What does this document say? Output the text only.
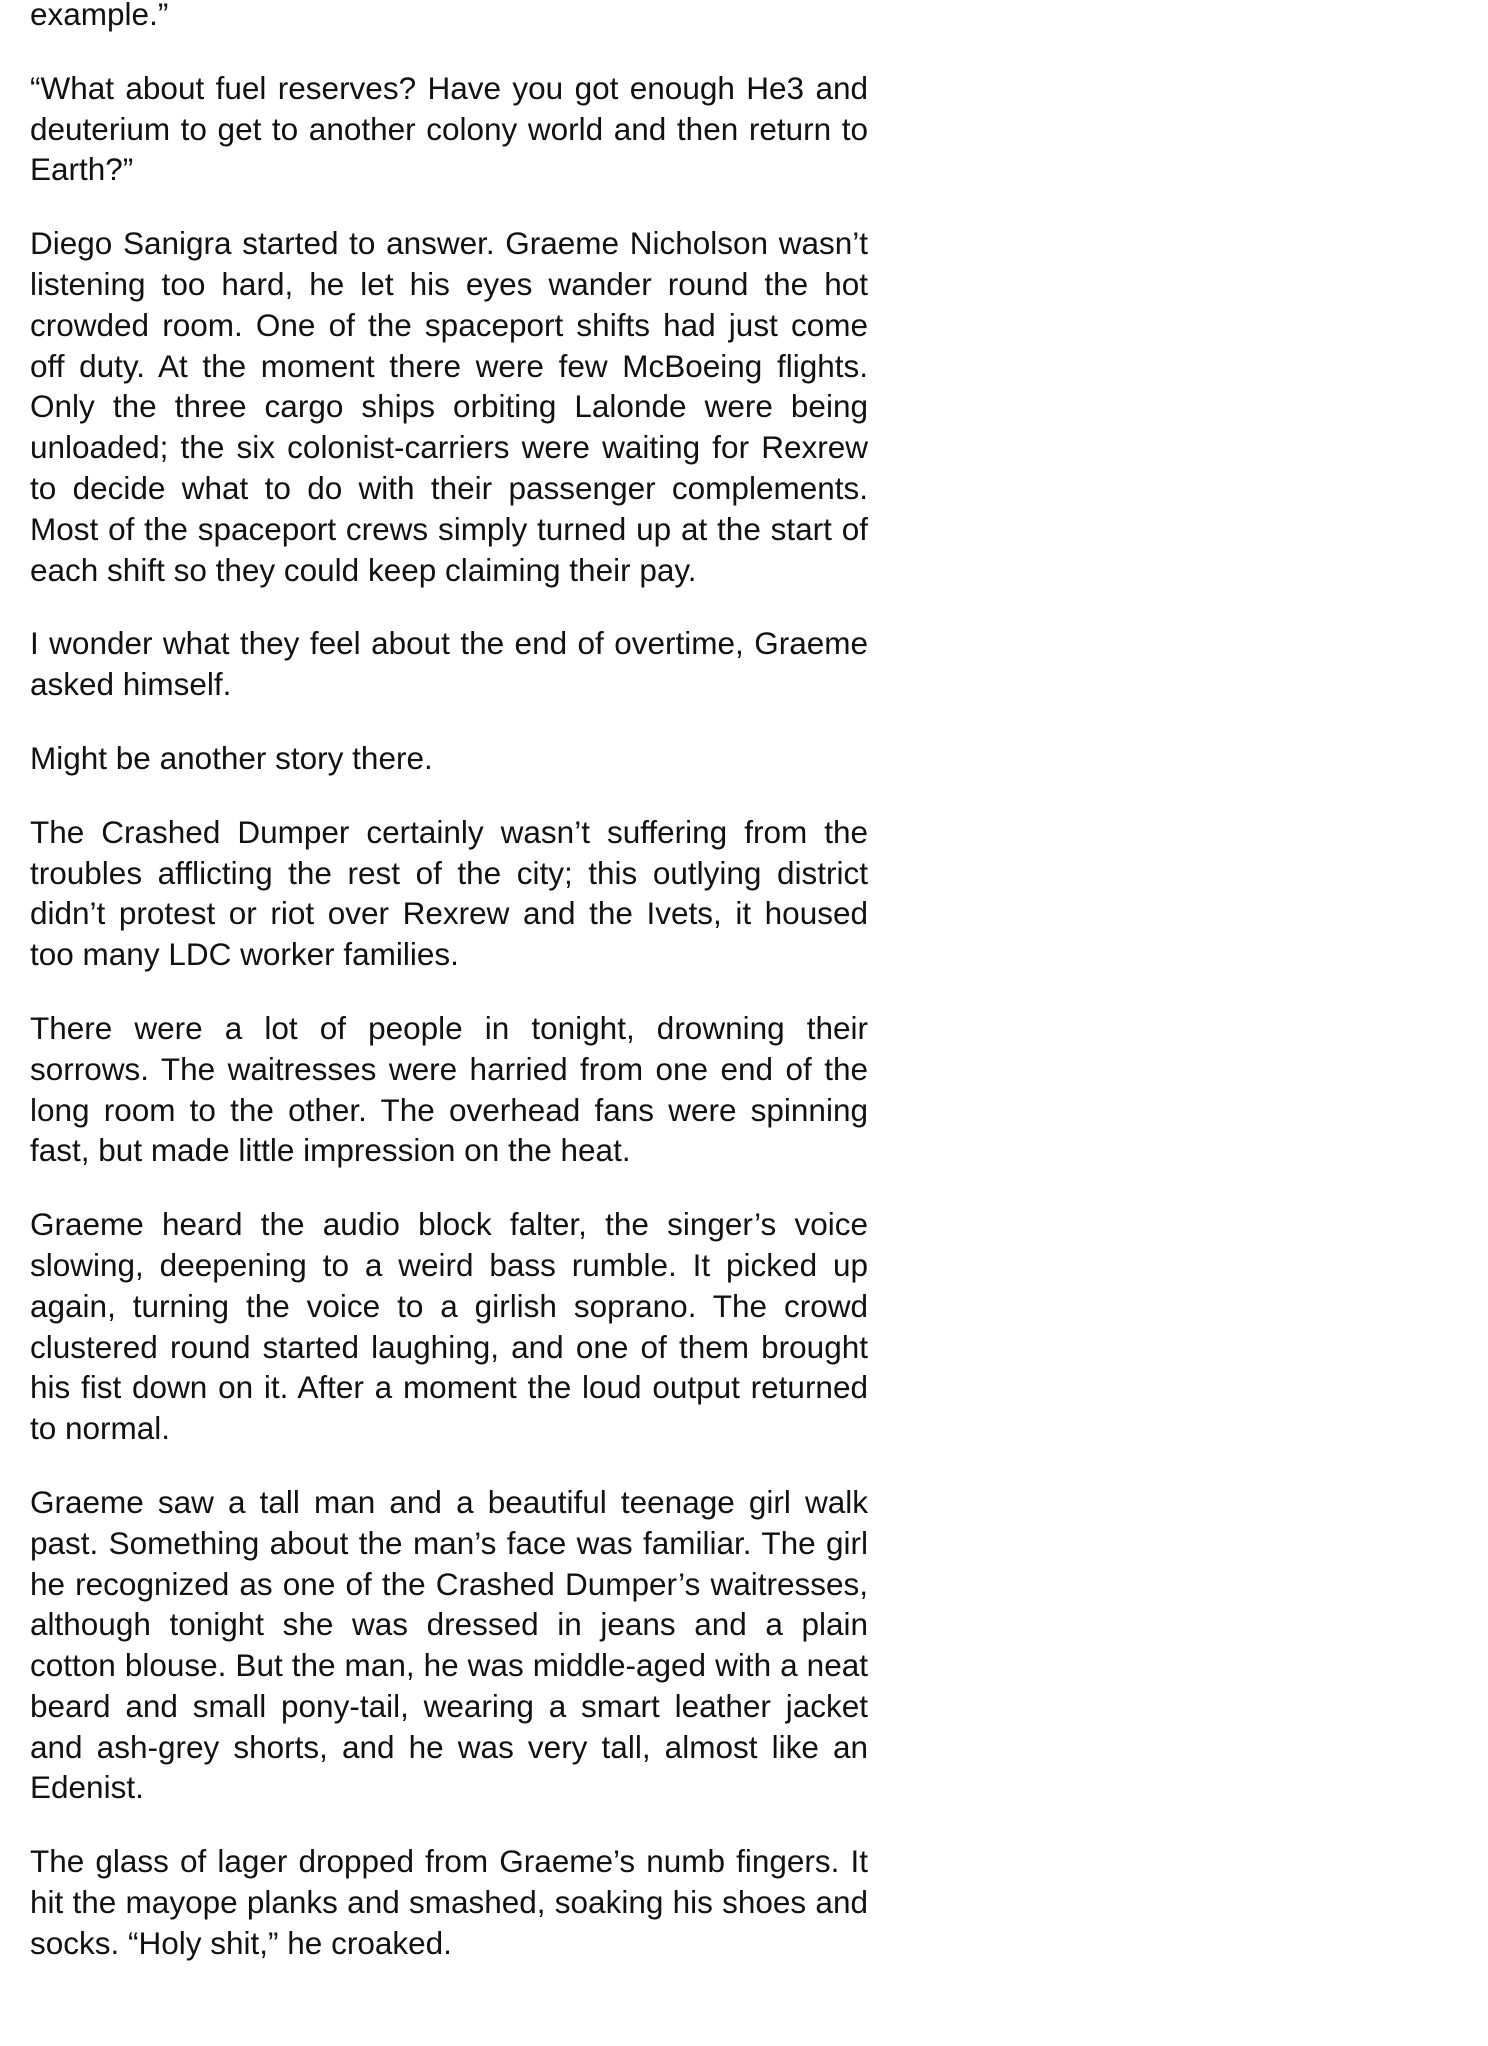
example.”

“What about fuel reserves? Have you got enough He3 and deuterium to get to another colony world and then return to Earth?”

Diego Sanigra started to answer. Graeme Nicholson wasn’t listening too hard, he let his eyes wander round the hot crowded room. One of the spaceport shifts had just come off duty. At the moment there were few McBoeing flights. Only the three cargo ships orbiting Lalonde were being unloaded; the six colonist-carriers were waiting for Rexrew to decide what to do with their passenger complements. Most of the spaceport crews simply turned up at the start of each shift so they could keep claiming their pay.

I wonder what they feel about the end of overtime, Graeme asked himself.

Might be another story there.

The Crashed Dumper certainly wasn’t suffering from the troubles afflicting the rest of the city; this outlying district didn’t protest or riot over Rexrew and the Ivets, it housed too many LDC worker families.

There were a lot of people in tonight, drowning their sorrows. The waitresses were harried from one end of the long room to the other. The overhead fans were spinning fast, but made little impression on the heat.

Graeme heard the audio block falter, the singer’s voice slowing, deepening to a weird bass rumble. It picked up again, turning the voice to a girlish soprano. The crowd clustered round started laughing, and one of them brought his fist down on it. After a moment the loud output returned to normal.

Graeme saw a tall man and a beautiful teenage girl walk past. Something about the man’s face was familiar. The girl he recognized as one of the Crashed Dumper’s waitresses, although tonight she was dressed in jeans and a plain cotton blouse. But the man, he was middle-aged with a neat beard and small pony-tail, wearing a smart leather jacket and ash-grey shorts, and he was very tall, almost like an Edenist.

The glass of lager dropped from Graeme’s numb fingers. It hit the mayope planks and smashed, soaking his shoes and socks. “Holy shit,” he croaked.
